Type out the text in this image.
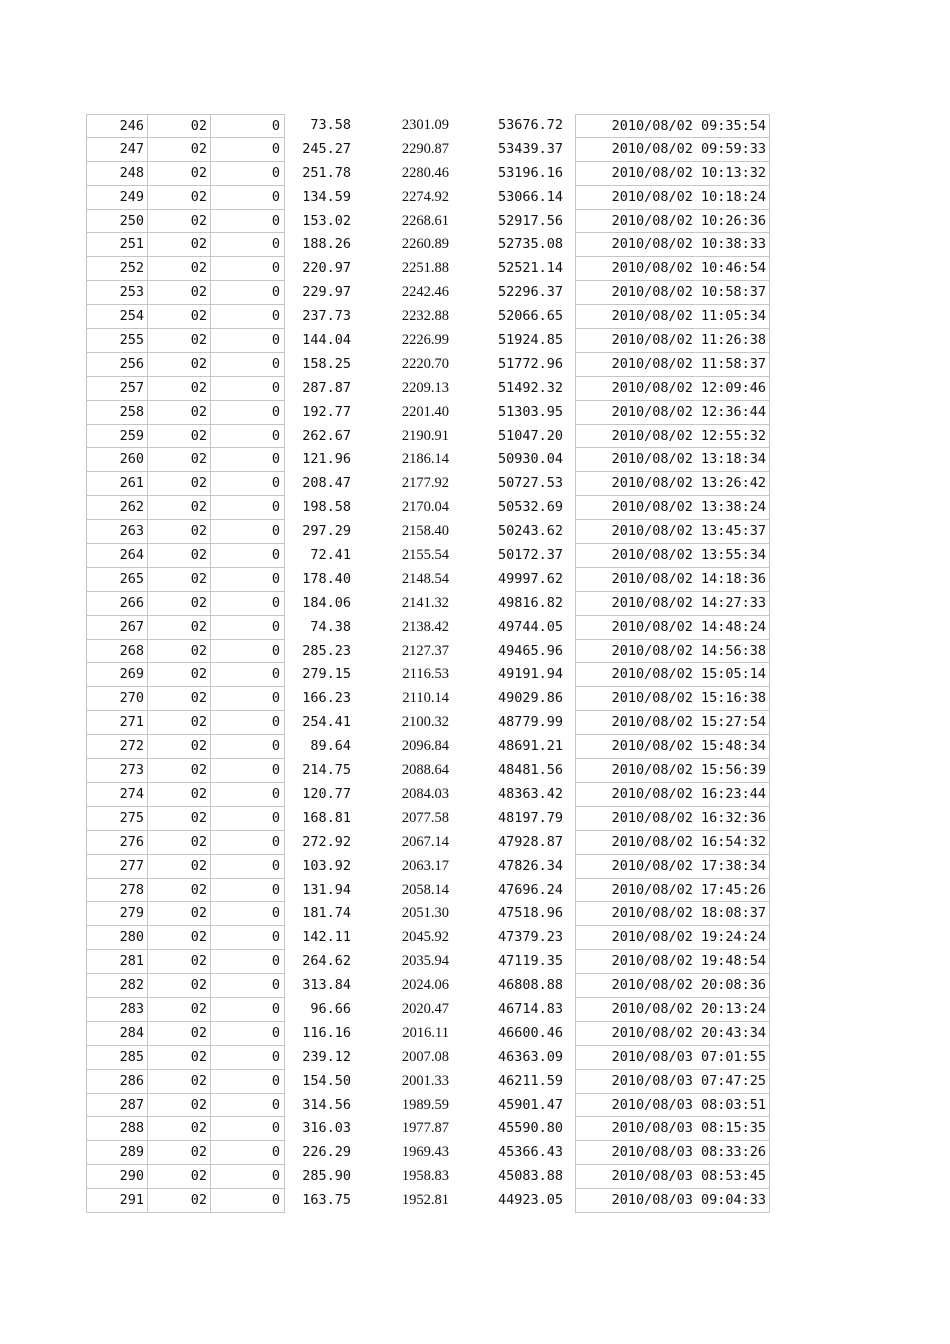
246	02	0	73.58	2301.09	53676.72	2010/08/02 09:35:54
247	02	0	245.27	2290.87	53439.37	2010/08/02 09:59:33
248	02	0	251.78	2280.46	53196.16	2010/08/02 10:13:32
249	02	0	134.59	2274.92	53066.14	2010/08/02 10:18:24
250	02	0	153.02	2268.61	52917.56	2010/08/02 10:26:36
251	02	0	188.26	2260.89	52735.08	2010/08/02 10:38:33
252	02	0	220.97	2251.88	52521.14	2010/08/02 10:46:54
253	02	0	229.97	2242.46	52296.37	2010/08/02 10:58:37
254	02	0	237.73	2232.88	52066.65	2010/08/02 11:05:34
255	02	0	144.04	2226.99	51924.85	2010/08/02 11:26:38
256	02	0	158.25	2220.70	51772.96	2010/08/02 11:58:37
257	02	0	287.87	2209.13	51492.32	2010/08/02 12:09:46
258	02	0	192.77	2201.40	51303.95	2010/08/02 12:36:44
259	02	0	262.67	2190.91	51047.20	2010/08/02 12:55:32
260	02	0	121.96	2186.14	50930.04	2010/08/02 13:18:34
261	02	0	208.47	2177.92	50727.53	2010/08/02 13:26:42
262	02	0	198.58	2170.04	50532.69	2010/08/02 13:38:24
263	02	0	297.29	2158.40	50243.62	2010/08/02 13:45:37
264	02	0	72.41	2155.54	50172.37	2010/08/02 13:55:34
265	02	0	178.40	2148.54	49997.62	2010/08/02 14:18:36
266	02	0	184.06	2141.32	49816.82	2010/08/02 14:27:33
267	02	0	74.38	2138.42	49744.05	2010/08/02 14:48:24
268	02	0	285.23	2127.37	49465.96	2010/08/02 14:56:38
269	02	0	279.15	2116.53	49191.94	2010/08/02 15:05:14
270	02	0	166.23	2110.14	49029.86	2010/08/02 15:16:38
271	02	0	254.41	2100.32	48779.99	2010/08/02 15:27:54
272	02	0	89.64	2096.84	48691.21	2010/08/02 15:48:34
273	02	0	214.75	2088.64	48481.56	2010/08/02 15:56:39
274	02	0	120.77	2084.03	48363.42	2010/08/02 16:23:44
275	02	0	168.81	2077.58	48197.79	2010/08/02 16:32:36
276	02	0	272.92	2067.14	47928.87	2010/08/02 16:54:32
277	02	0	103.92	2063.17	47826.34	2010/08/02 17:38:34
278	02	0	131.94	2058.14	47696.24	2010/08/02 17:45:26
279	02	0	181.74	2051.30	47518.96	2010/08/02 18:08:37
280	02	0	142.11	2045.92	47379.23	2010/08/02 19:24:24
281	02	0	264.62	2035.94	47119.35	2010/08/02 19:48:54
282	02	0	313.84	2024.06	46808.88	2010/08/02 20:08:36
283	02	0	96.66	2020.47	46714.83	2010/08/02 20:13:24
284	02	0	116.16	2016.11	46600.46	2010/08/02 20:43:34
285	02	0	239.12	2007.08	46363.09	2010/08/03 07:01:55
286	02	0	154.50	2001.33	46211.59	2010/08/03 07:47:25
287	02	0	314.56	1989.59	45901.47	2010/08/03 08:03:51
288	02	0	316.03	1977.87	45590.80	2010/08/03 08:15:35
289	02	0	226.29	1969.43	45366.43	2010/08/03 08:33:26
290	02	0	285.90	1958.83	45083.88	2010/08/03 08:53:45
291	02	0	163.75	1952.81	44923.05	2010/08/03 09:04:33
